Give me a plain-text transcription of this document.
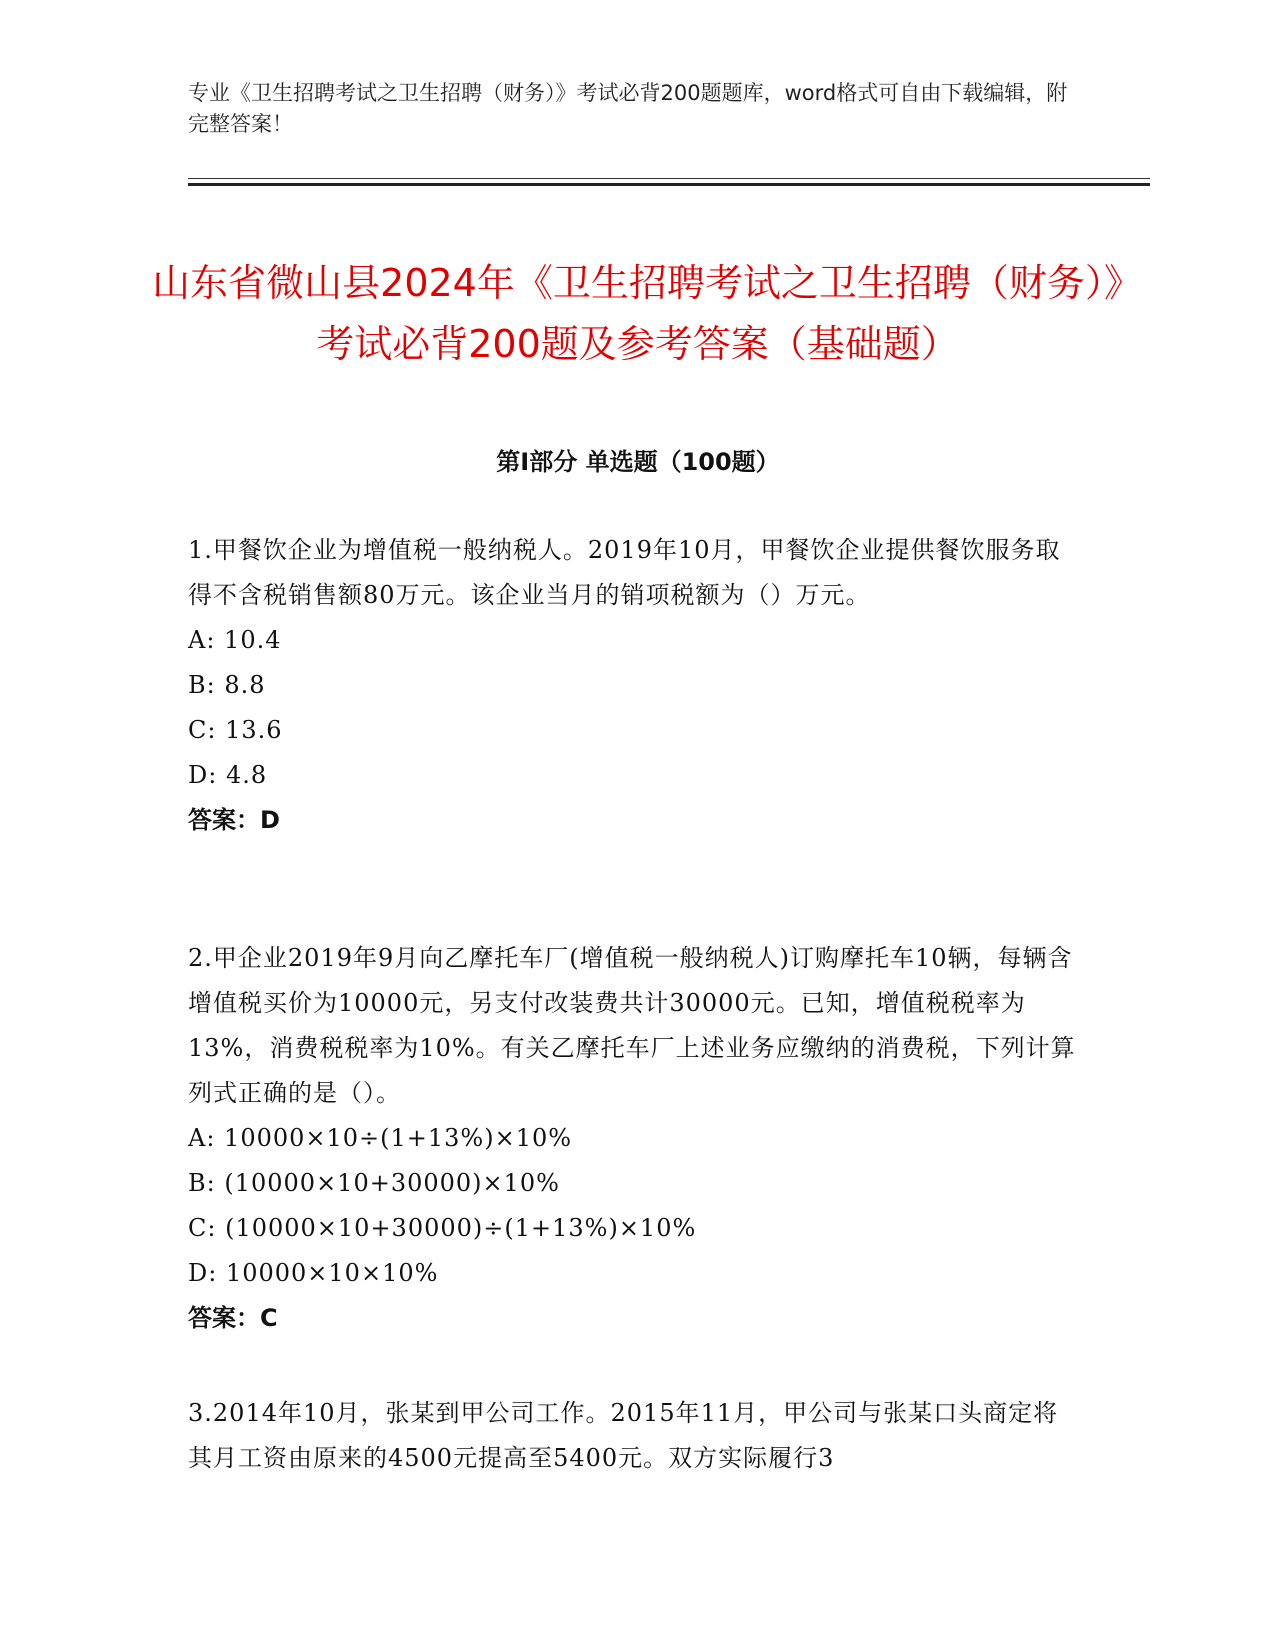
专业《卫生招聘考试之卫生招聘（财务）》考试必背200题题库，word格式可自由下载编辑，附完整答案！
山东省微山县2024年《卫生招聘考试之卫生招聘（财务）》考试必背200题及参考答案（基础题）
第I部分 单选题（100题）
1.甲餐饮企业为增值税一般纳税人。2019年10月，甲餐饮企业提供餐饮服务取得不含税销售额80万元。该企业当月的销项税额为（）万元。
A: 10.4
B: 8.8
C: 13.6
D: 4.8
答案：D
2.甲企业2019年9月向乙摩托车厂(增值税一般纳税人)订购摩托车10辆，每辆含增值税买价为10000元，另支付改装费共计30000元。已知，增值税税率为13%，消费税税率为10%。有关乙摩托车厂上述业务应缴纳的消费税，下列计算列式正确的是（）。
A: 10000×10÷(1+13%)×10%
B: (10000×10+30000)×10%
C: (10000×10+30000)÷(1+13%)×10%
D: 10000×10×10%
答案：C
3.2014年10月，张某到甲公司工作。2015年11月，甲公司与张某口头商定将其月工资由原来的4500元提高至5400元。双方实际履行3
